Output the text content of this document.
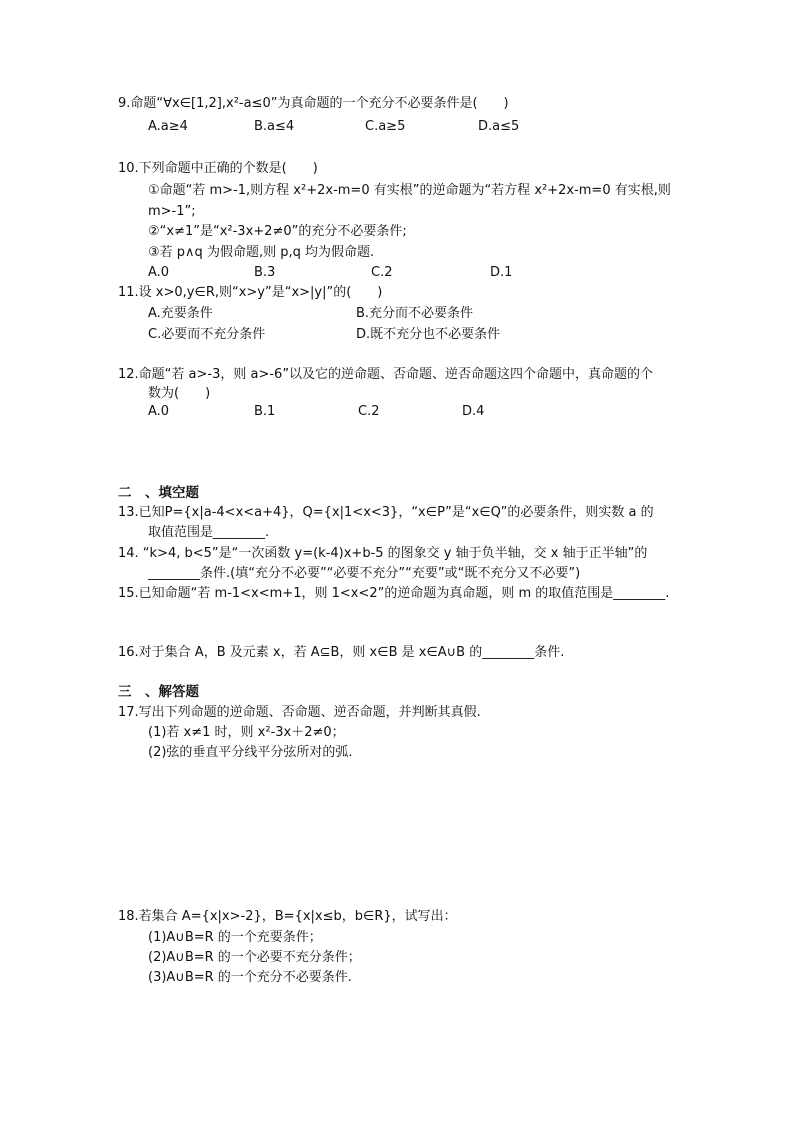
9.命题“∀x∈[1,2],x²-a≤0”为真命题的一个充分不必要条件是(　　)
A.a≥4	B.a≤4	C.a≥5	D.a≤5
10.下列命题中正确的个数是(　　)
①命题“若 m>-1,则方程 x²+2x-m=0 有实根”的逆命题为“若方程 x²+2x-m=0 有实根,则
m>-1”;
②“x≠1”是“x²-3x+2≠0”的充分不必要条件;
③若 p∧q 为假命题,则 p,q 均为假命题.
A.0	B.3	C.2	D.1
11.设 x>0,y∈R,则“x>y”是“x>|y|”的(　　)
A.充要条件	B.充分而不必要条件
C.必要而不充分条件	D.既不充分也不必要条件
12.命题“若 a>-3，则 a>-6”以及它的逆命题、否命题、逆否命题这四个命题中，真命题的个
数为(　　)
A.0	B.1	C.2	D.4
二　、填空题
13.已知P={x|a-4<x<a+4}，Q={x|1<x<3}，“x∈P”是“x∈Q”的必要条件，则实数 a 的
取值范围是________.
14. “k>4, b<5”是“一次函数 y=(k-4)x+b-5 的图象交 y 轴于负半轴，交 x 轴于正半轴”的
________条件.(填“充分不必要”“必要不充分”“充要”或“既不充分又不必要”)
15.已知命题“若 m-1<x<m+1，则 1<x<2”的逆命题为真命题，则 m 的取值范围是________.
16.对于集合 A，B 及元素 x，若 A⊆B，则 x∈B 是 x∈A∪B 的________条件.
三　、解答题
17.写出下列命题的逆命题、否命题、逆否命题，并判断其真假.
(1)若 x≠1 时，则 x²-3x＋2≠0；
(2)弦的垂直平分线平分弦所对的弧.
18.若集合 A={x|x>-2}，B={x|x≤b，b∈R}，试写出：
(1)A∪B=R 的一个充要条件；
(2)A∪B=R 的一个必要不充分条件；
(3)A∪B=R 的一个充分不必要条件.
